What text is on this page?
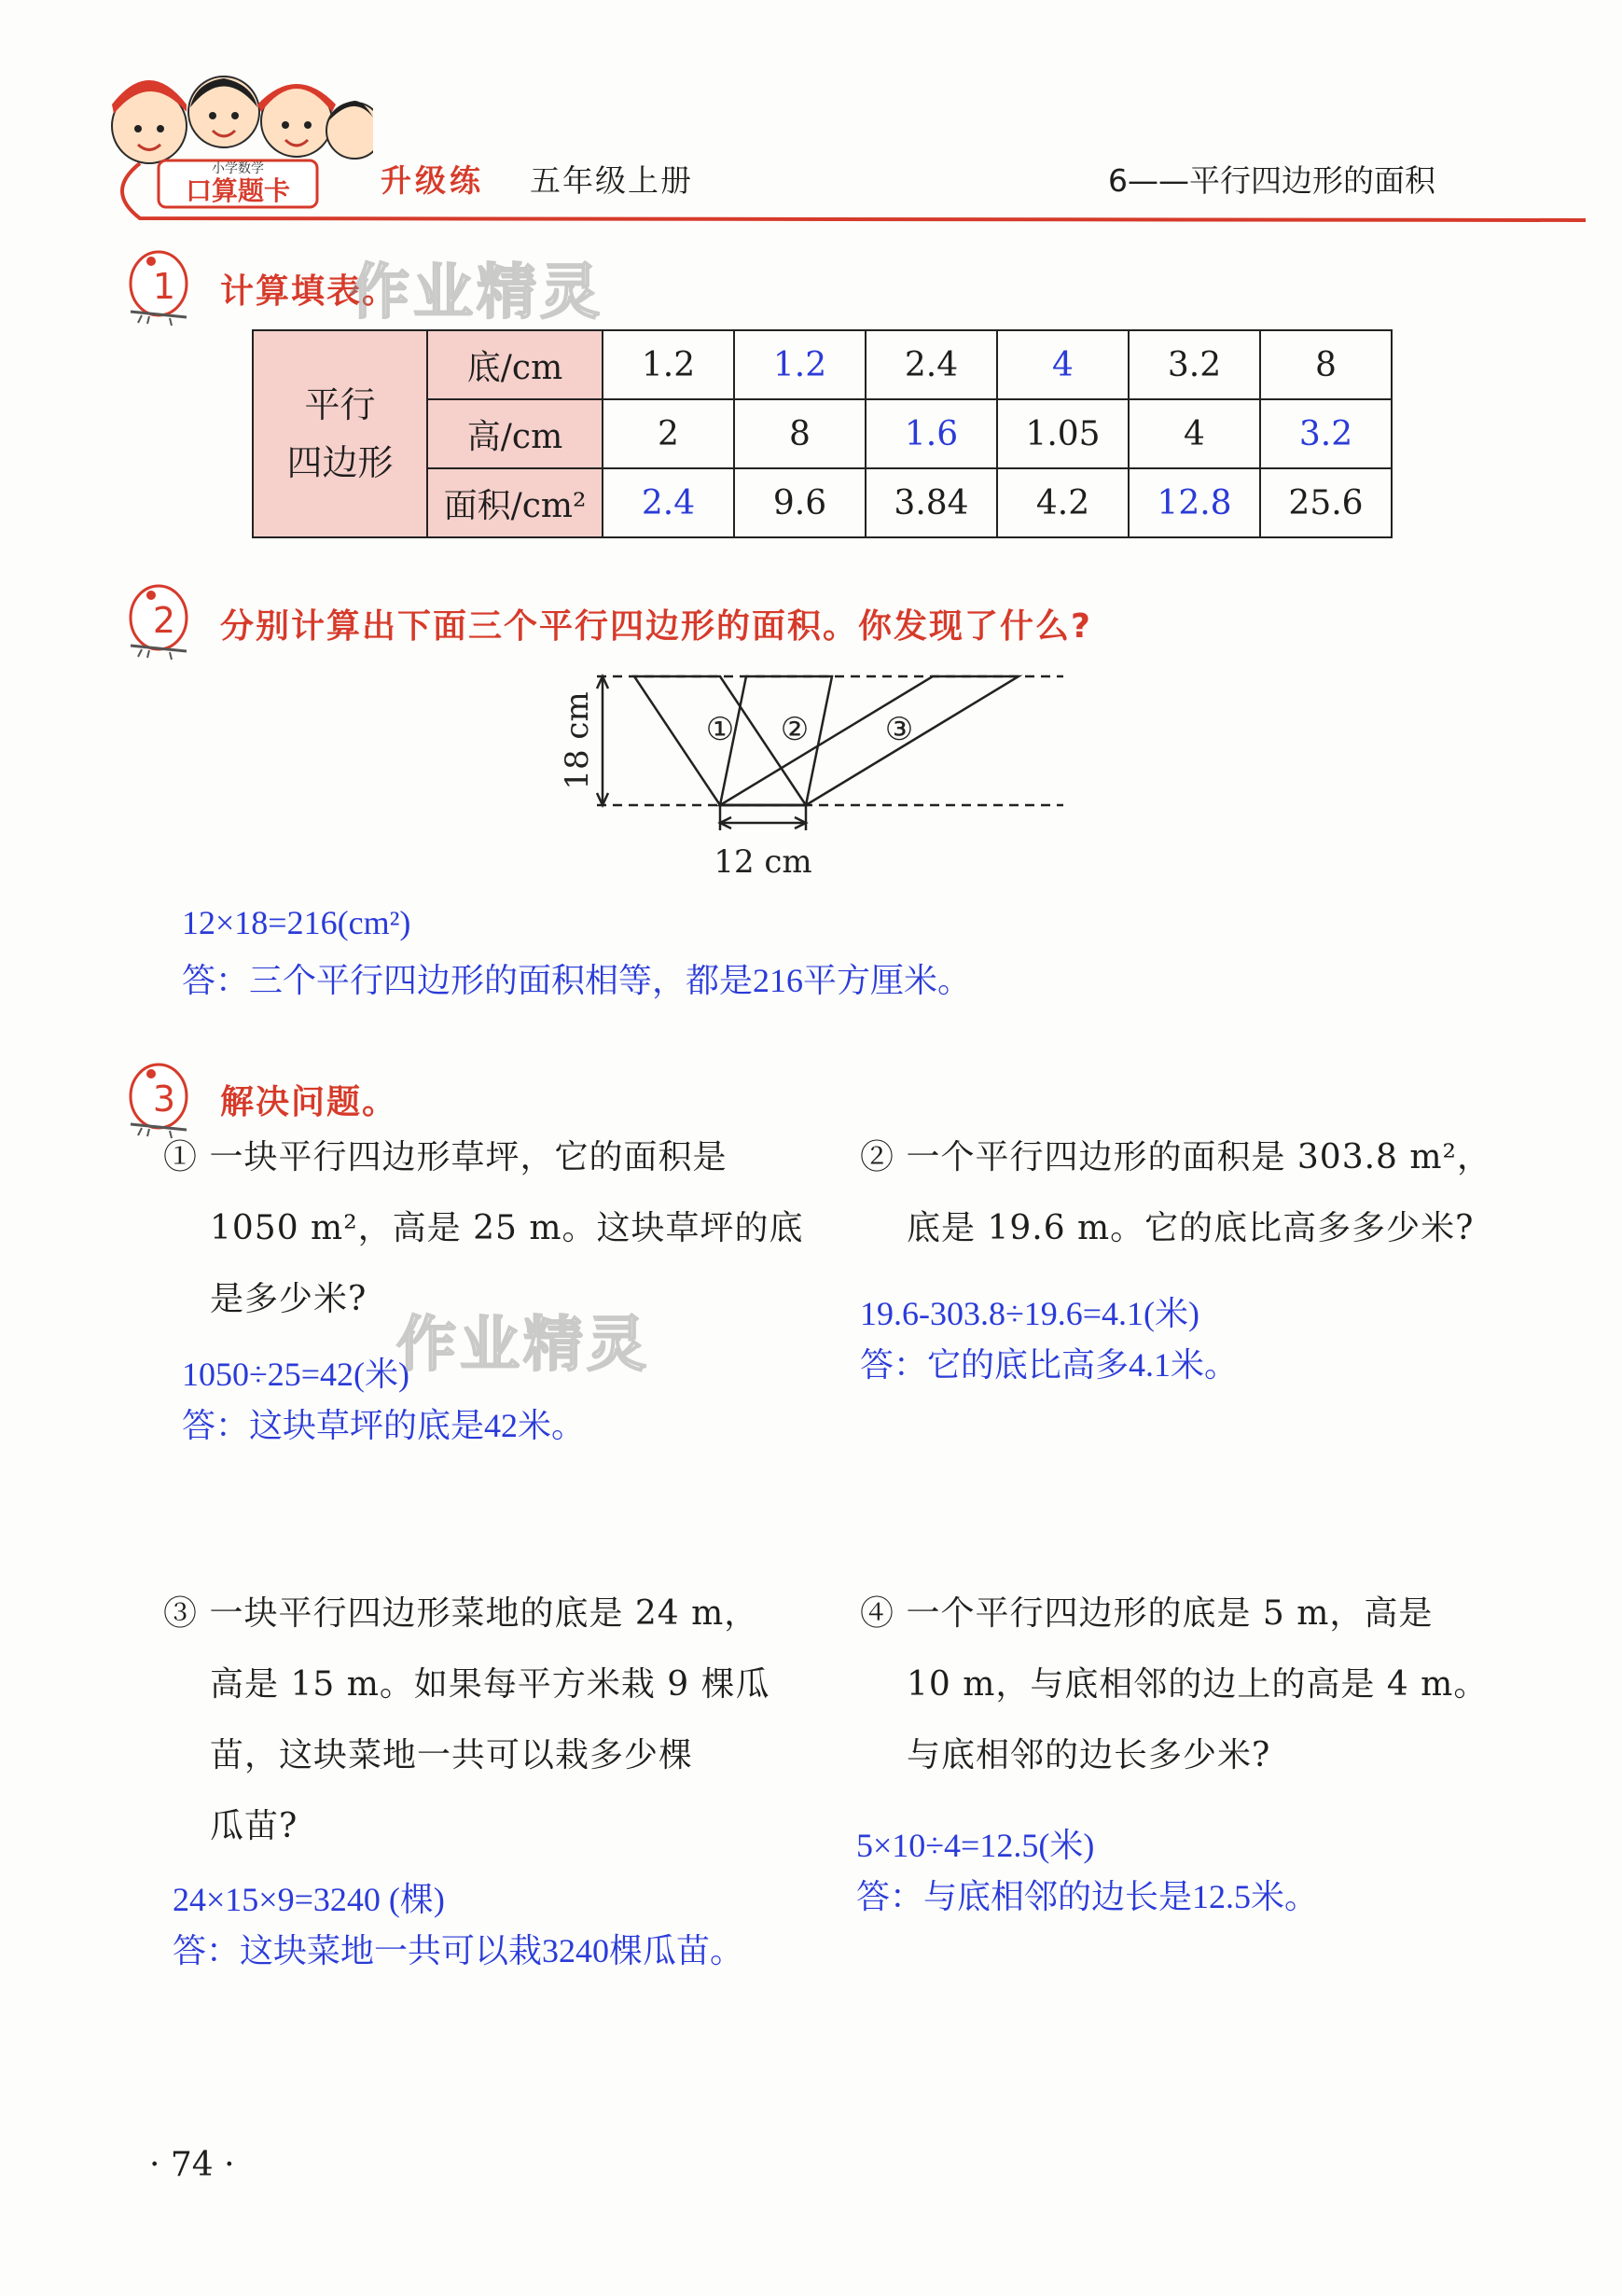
小学数学
口算题卡	升级练 五年级上册	6——平行四边形的面积
1 计算填表。
平行
四边形	底/cm	1.2	1.2	2.4	4	3.2	8
	高/cm	2	8	1.6	1.05	4	3.2
	面积/cm²	2.4	9.6	3.84	4.2	12.8	25.6
2 分别计算出下面三个平行四边形的面积。你发现了什么?
18 cm
12 cm
① ② ③
12×18=216(cm²)
答：三个平行四边形的面积相等，都是216平方厘米。
3 解决问题。
① 一块平行四边形草坪，它的面积是
1050 m²，高是 25 m。这块草坪的底
是多少米?
1050÷25=42(米)
答：这块草坪的底是42米。
② 一个平行四边形的面积是 303.8 m²，
底是 19.6 m。它的底比高多多少米?
19.6-303.8÷19.6=4.1(米)
答：它的底比高多4.1米。
③ 一块平行四边形菜地的底是 24 m，
高是 15 m。如果每平方米栽 9 棵瓜
苗，这块菜地一共可以栽多少棵
瓜苗?
24×15×9=3240 (棵)
答：这块菜地一共可以栽3240棵瓜苗。
④ 一个平行四边形的底是 5 m，高是
10 m，与底相邻的边上的高是 4 m。
与底相邻的边长多少米?
5×10÷4=12.5(米)
答：与底相邻的边长是12.5米。
作业精灵
作业精灵
· 74 ·
